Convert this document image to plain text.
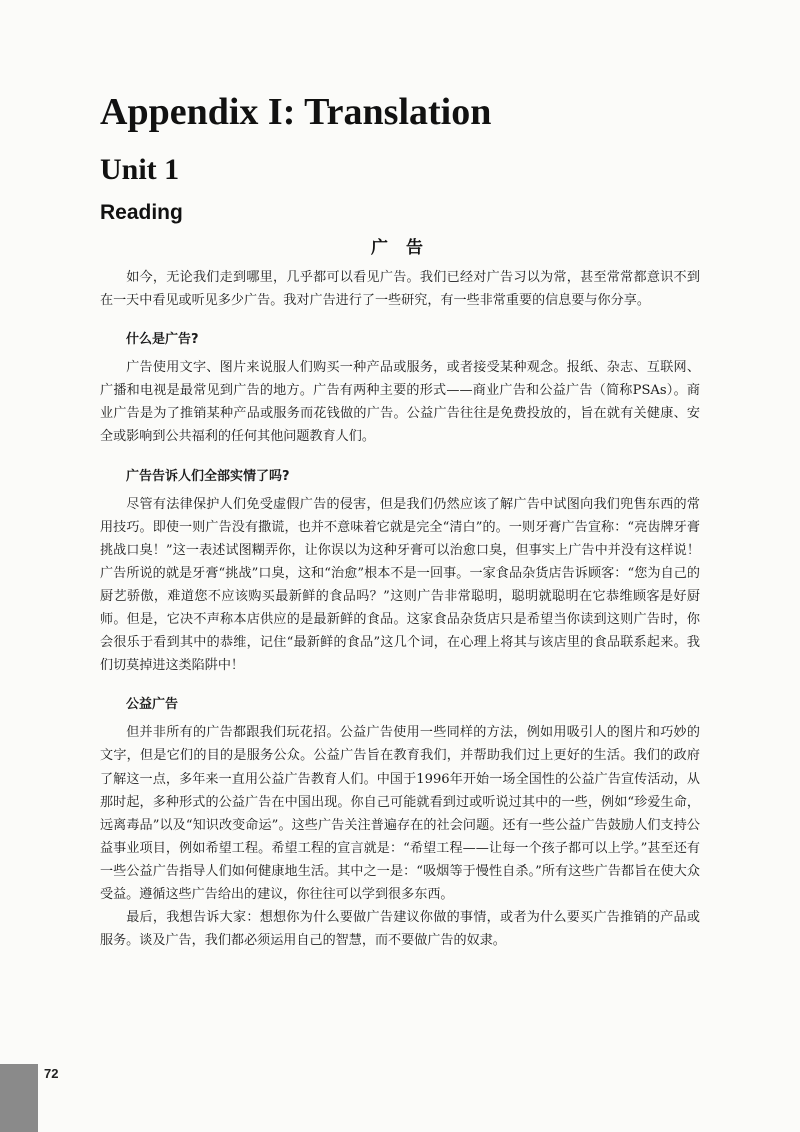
Appendix I: Translation
Unit 1
Reading
广 告

如今，无论我们走到哪里，几乎都可以看见广告。我们已经对广告习以为常，甚至常常都意识不到在一天中看见或听见多少广告。我对广告进行了一些研究，有一些非常重要的信息要与你分享。

什么是广告?

广告使用文字、图片来说服人们购买一种产品或服务，或者接受某种观念。报纸、杂志、互联网、广播和电视是最常见到广告的地方。广告有两种主要的形式——商业广告和公益广告（简称PSAs）。商业广告是为了推销某种产品或服务而花钱做的广告。公益广告往往是免费投放的，旨在就有关健康、安全或影响到公共福利的任何其他问题教育人们。

广告告诉人们全部实情了吗?

尽管有法律保护人们免受虚假广告的侵害，但是我们仍然应该了解广告中试图向我们兜售东西的常用技巧。即使一则广告没有撒谎，也并不意味着它就是完全“清白”的。一则牙膏广告宣称：“亮齿牌牙膏挑战口臭！”这一表述试图糊弄你，让你误以为这种牙膏可以治愈口臭，但事实上广告中并没有这样说！广告所说的就是牙膏“挑战”口臭，这和“治愈”根本不是一回事。一家食品杂货店告诉顾客：“您为自己的厨艺骄傲，难道您不应该购买最新鲜的食品吗？”这则广告非常聪明，聪明就聪明在它恭维顾客是好厨师。但是，它决不声称本店供应的是最新鲜的食品。这家食品杂货店只是希望当你读到这则广告时，你会很乐于看到其中的恭维，记住“最新鲜的食品”这几个词，在心理上将其与该店里的食品联系起来。我们切莫掉进这类陷阱中！

公益广告

但并非所有的广告都跟我们玩花招。公益广告使用一些同样的方法，例如用吸引人的图片和巧妙的文字，但是它们的目的是服务公众。公益广告旨在教育我们，并帮助我们过上更好的生活。我们的政府了解这一点，多年来一直用公益广告教育人们。中国于1996年开始一场全国性的公益广告宣传活动，从那时起，多种形式的公益广告在中国出现。你自己可能就看到过或听说过其中的一些，例如“珍爱生命，远离毒品”以及“知识改变命运”。这些广告关注普遍存在的社会问题。还有一些公益广告鼓励人们支持公益事业项目，例如希望工程。希望工程的宣言就是：“希望工程——让每一个孩子都可以上学。”甚至还有一些公益广告指导人们如何健康地生活。其中之一是：“吸烟等于慢性自杀。”所有这些广告都旨在使大众受益。遵循这些广告给出的建议，你往往可以学到很多东西。

最后，我想告诉大家：想想你为什么要做广告建议你做的事情，或者为什么要买广告推销的产品或服务。谈及广告，我们都必须运用自己的智慧，而不要做广告的奴隶。

72
